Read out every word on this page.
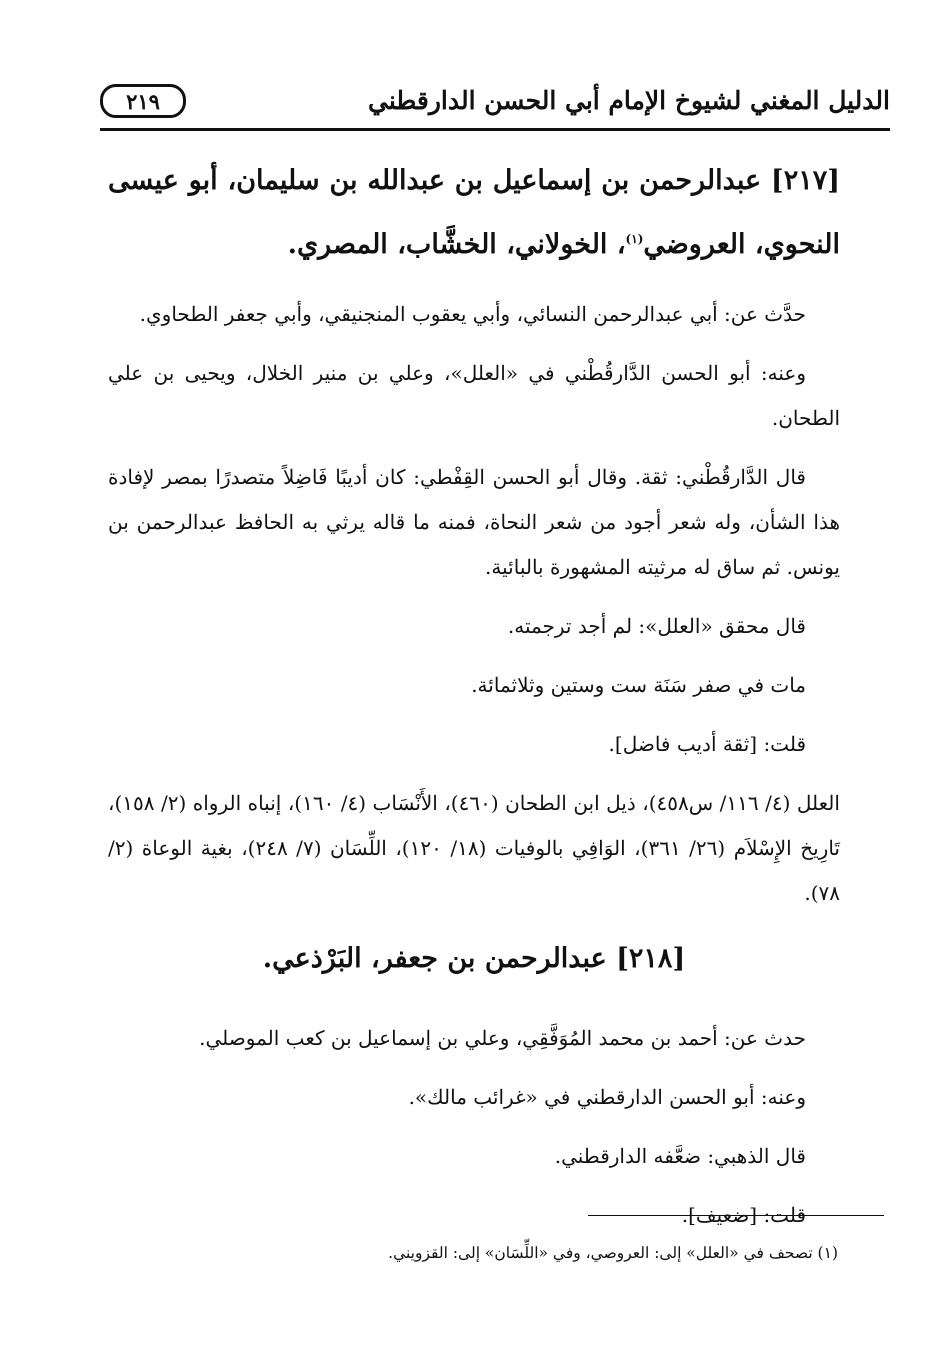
الدليل المغني لشيوخ الإمام أبي الحسن الدارقطني
٢١٩
[٢١٧] عبدالرحمن بن إسماعيل بن عبدالله بن سليمان، أبو عيسى النحوي، العروضي$^{(١)}$، الخولاني، الخشَّاب، المصري.

حدَّث عن: أبي عبدالرحمن النسائي، وأبي يعقوب المنجنيقي، وأبي جعفر الطحاوي.

وعنه: أبو الحسن الدَّارقُطْني في «العلل»، وعلي بن منير الخلال، ويحيى بن علي الطحان.

قال الدَّارقُطْني: ثقة. وقال أبو الحسن القِفْطي: كان أديبًا فَاضِلاً متصدرًا بمصر لإفادة هذا الشأن، وله شعر أجود من شعر النحاة، فمنه ما قاله يرثي به الحافظ عبدالرحمن بن يونس. ثم ساق له مرثيته المشهورة بالبائية.

قال محقق «العلل»: لم أجد ترجمته.

مات في صفر سَنَة ست وستين وثلاثمائة.

قلت: [ثقة أديب فاضل].

العلل (٤/ ١١٦/ س٤٥٨)، ذيل ابن الطحان (٤٦٠)، الأَنْسَاب (٤/ ١٦٠)، إنباه الرواه (٢/ ١٥٨)، تَارِيخ الإِسْلاَم (٢٦/ ٣٦١)، الوَافِي بالوفيات (١٨/ ١٢٠)، اللِّسَان (٧/ ٢٤٨)، بغية الوعاة (٢/ ٧٨).

[٢١٨] عبدالرحمن بن جعفر، البَرْذعي.

حدث عن: أحمد بن محمد المُوَفَّقِي، وعلي بن إسماعيل بن كعب الموصلي.

وعنه: أبو الحسن الدارقطني في «غرائب مالك».

قال الذهبي: ضعَّفه الدارقطني.

قلت: [ضعيف].

(١) تصحف في «العلل» إلى: العروصي، وفي «اللِّسَان» إلى: القزويني.
